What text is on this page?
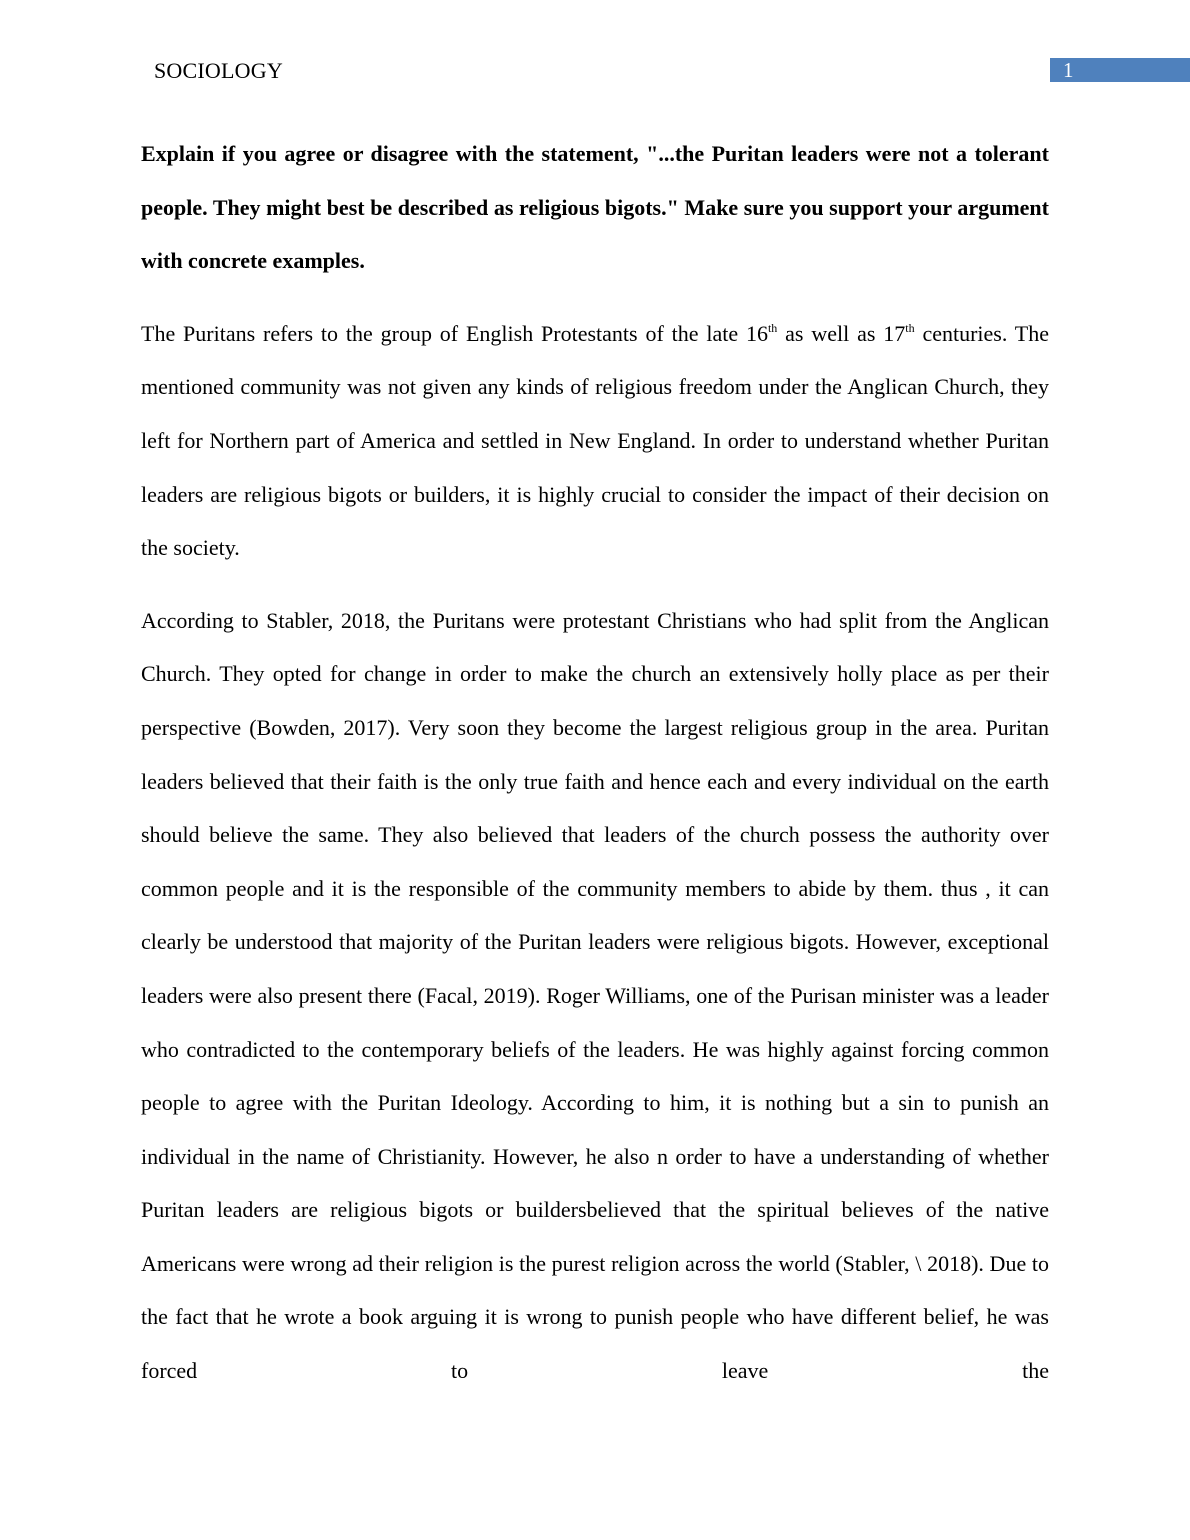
SOCIOLOGY	1

Explain if you agree or disagree with the statement, "...the Puritan leaders were not a tolerant people. They might best be described as religious bigots." Make sure you support your argument with concrete examples.

The Puritans refers to the group of English Protestants of the late 16th as well as 17th centuries. The mentioned community was not given any kinds of religious freedom under the Anglican Church, they left for Northern part of America and settled in New England. In order to understand whether Puritan leaders are religious bigots or builders, it is highly crucial to consider the impact of their decision on the society.

According to Stabler, 2018, the Puritans were protestant Christians who had split from the Anglican Church. They opted for change in order to make the church an extensively holly place as per their perspective (Bowden, 2017). Very soon they become the largest religious group in the area. Puritan leaders believed that their faith is the only true faith and hence each and every individual on the earth should believe the same. They also believed that leaders of the church possess the authority over common people and it is the responsible of the community members to abide by them. thus , it can clearly be understood that majority of the Puritan leaders were religious bigots. However, exceptional leaders were also present there (Facal, 2019). Roger Williams, one of the Purisan minister was a leader who contradicted to the contemporary beliefs of the leaders. He was highly against forcing common people to agree with the Puritan Ideology. According to him, it is nothing but a sin to punish an individual in the name of Christianity. However, he also n order to have a understanding of whether Puritan leaders are religious bigots or buildersbelieved that the spiritual believes of the native Americans were wrong ad their religion is the purest religion across the world (Stabler, \ 2018). Due to the fact that he wrote a book arguing it is wrong to punish people who have different belief, he was forced to leave the
